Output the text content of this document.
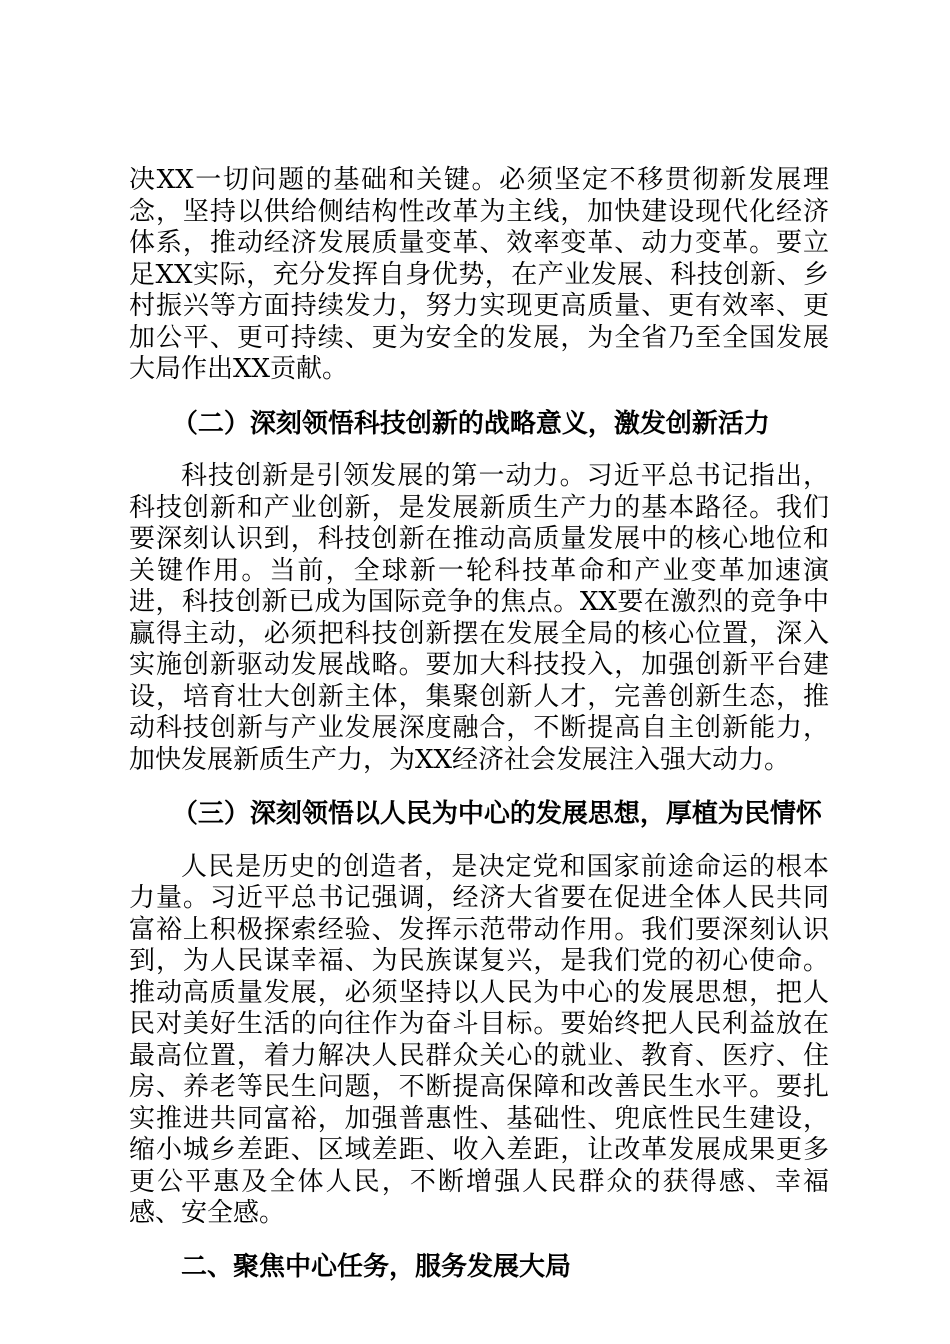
决XX一切问题的基础和关键。必须坚定不移贯彻新发展理念，坚持以供给侧结构性改革为主线，加快建设现代化经济体系，推动经济发展质量变革、效率变革、动力变革。要立足XX实际，充分发挥自身优势，在产业发展、科技创新、乡村振兴等方面持续发力，努力实现更高质量、更有效率、更加公平、更可持续、更为安全的发展，为全省乃至全国发展大局作出XX贡献。

（二）深刻领悟科技创新的战略意义，激发创新活力

科技创新是引领发展的第一动力。习近平总书记指出，科技创新和产业创新，是发展新质生产力的基本路径。我们要深刻认识到，科技创新在推动高质量发展中的核心地位和关键作用。当前，全球新一轮科技革命和产业变革加速演进，科技创新已成为国际竞争的焦点。XX要在激烈的竞争中赢得主动，必须把科技创新摆在发展全局的核心位置，深入实施创新驱动发展战略。要加大科技投入，加强创新平台建设，培育壮大创新主体，集聚创新人才，完善创新生态，推动科技创新与产业发展深度融合，不断提高自主创新能力，加快发展新质生产力，为XX经济社会发展注入强大动力。

（三）深刻领悟以人民为中心的发展思想，厚植为民情怀

人民是历史的创造者，是决定党和国家前途命运的根本力量。习近平总书记强调，经济大省要在促进全体人民共同富裕上积极探索经验、发挥示范带动作用。我们要深刻认识到，为人民谋幸福、为民族谋复兴，是我们党的初心使命。推动高质量发展，必须坚持以人民为中心的发展思想，把人民对美好生活的向往作为奋斗目标。要始终把人民利益放在最高位置，着力解决人民群众关心的就业、教育、医疗、住房、养老等民生问题，不断提高保障和改善民生水平。要扎实推进共同富裕，加强普惠性、基础性、兜底性民生建设，缩小城乡差距、区域差距、收入差距，让改革发展成果更多更公平惠及全体人民，不断增强人民群众的获得感、幸福感、安全感。

二、聚焦中心任务，服务发展大局
